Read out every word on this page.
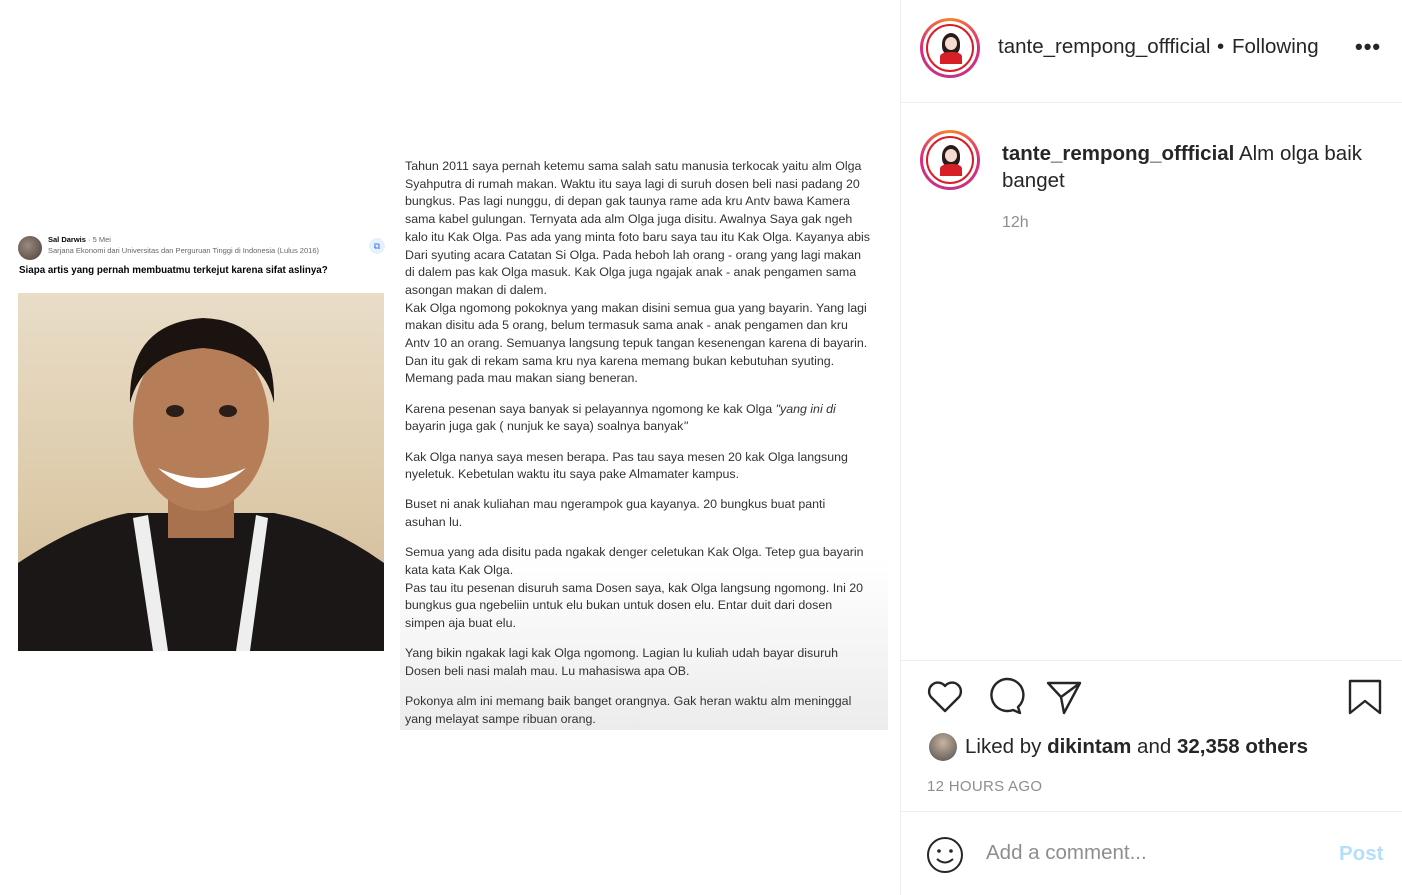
Sal Darwis · 5 Mei
Sarjana Ekonomi dari Universitas dan Perguruan Tinggi di Indonesia (Lulus 2016)	⧉
Siapa artis yang pernah membuatmu terkejut karena sifat aslinya?
Tahun 2011 saya pernah ketemu sama salah satu manusia terkocak yaitu alm Olga
Syahputra di rumah makan. Waktu itu saya lagi di suruh dosen beli nasi padang 20
bungkus. Pas lagi nunggu, di depan gak taunya rame ada kru Antv bawa Kamera
sama kabel gulungan. Ternyata ada alm Olga juga disitu. Awalnya Saya gak ngeh
kalo itu Kak Olga. Pas ada yang minta foto baru saya tau itu Kak Olga. Kayanya abis
Dari syuting acara Catatan Si Olga. Pada heboh lah orang - orang yang lagi makan
di dalem pas kak Olga masuk. Kak Olga juga ngajak anak - anak pengamen sama
asongan makan di dalem.
Kak Olga ngomong pokoknya yang makan disini semua gua yang bayarin. Yang lagi
makan disitu ada 5 orang, belum termasuk sama anak - anak pengamen dan kru
Antv 10 an orang. Semuanya langsung tepuk tangan kesenengan karena di bayarin.
Dan itu gak di rekam sama kru nya karena memang bukan kebutuhan syuting.
Memang pada mau makan siang beneran.
Karena pesenan saya banyak si pelayannya ngomong ke kak Olga "yang ini di
bayarin juga gak ( nunjuk ke saya) soalnya banyak"
Kak Olga nanya saya mesen berapa. Pas tau saya mesen 20 kak Olga langsung
nyeletuk. Kebetulan waktu itu saya pake Almamater kampus.
Buset ni anak kuliahan mau ngerampok gua kayanya. 20 bungkus buat panti
asuhan lu.
Semua yang ada disitu pada ngakak denger celetukan Kak Olga. Tetep gua bayarin
kata kata Kak Olga.
Pas tau itu pesenan disuruh sama Dosen saya, kak Olga langsung ngomong. Ini 20
bungkus gua ngebeliin untuk elu bukan untuk dosen elu. Entar duit dari dosen
simpen aja buat elu.
Yang bikin ngakak lagi kak Olga ngomong. Lagian lu kuliah udah bayar disuruh
Dosen beli nasi malah mau. Lu mahasiswa apa OB.
Pokonya alm ini memang baik banget orangnya. Gak heran waktu alm meninggal
yang melayat sampe ribuan orang.
TANTE
tante_rempong_offficial • Following •••
TANTE
tante_rempong_offficial Alm olga baik banget
12h
Liked by dikintam and 32,358 others
12 HOURS AGO
Add a comment...
Post
